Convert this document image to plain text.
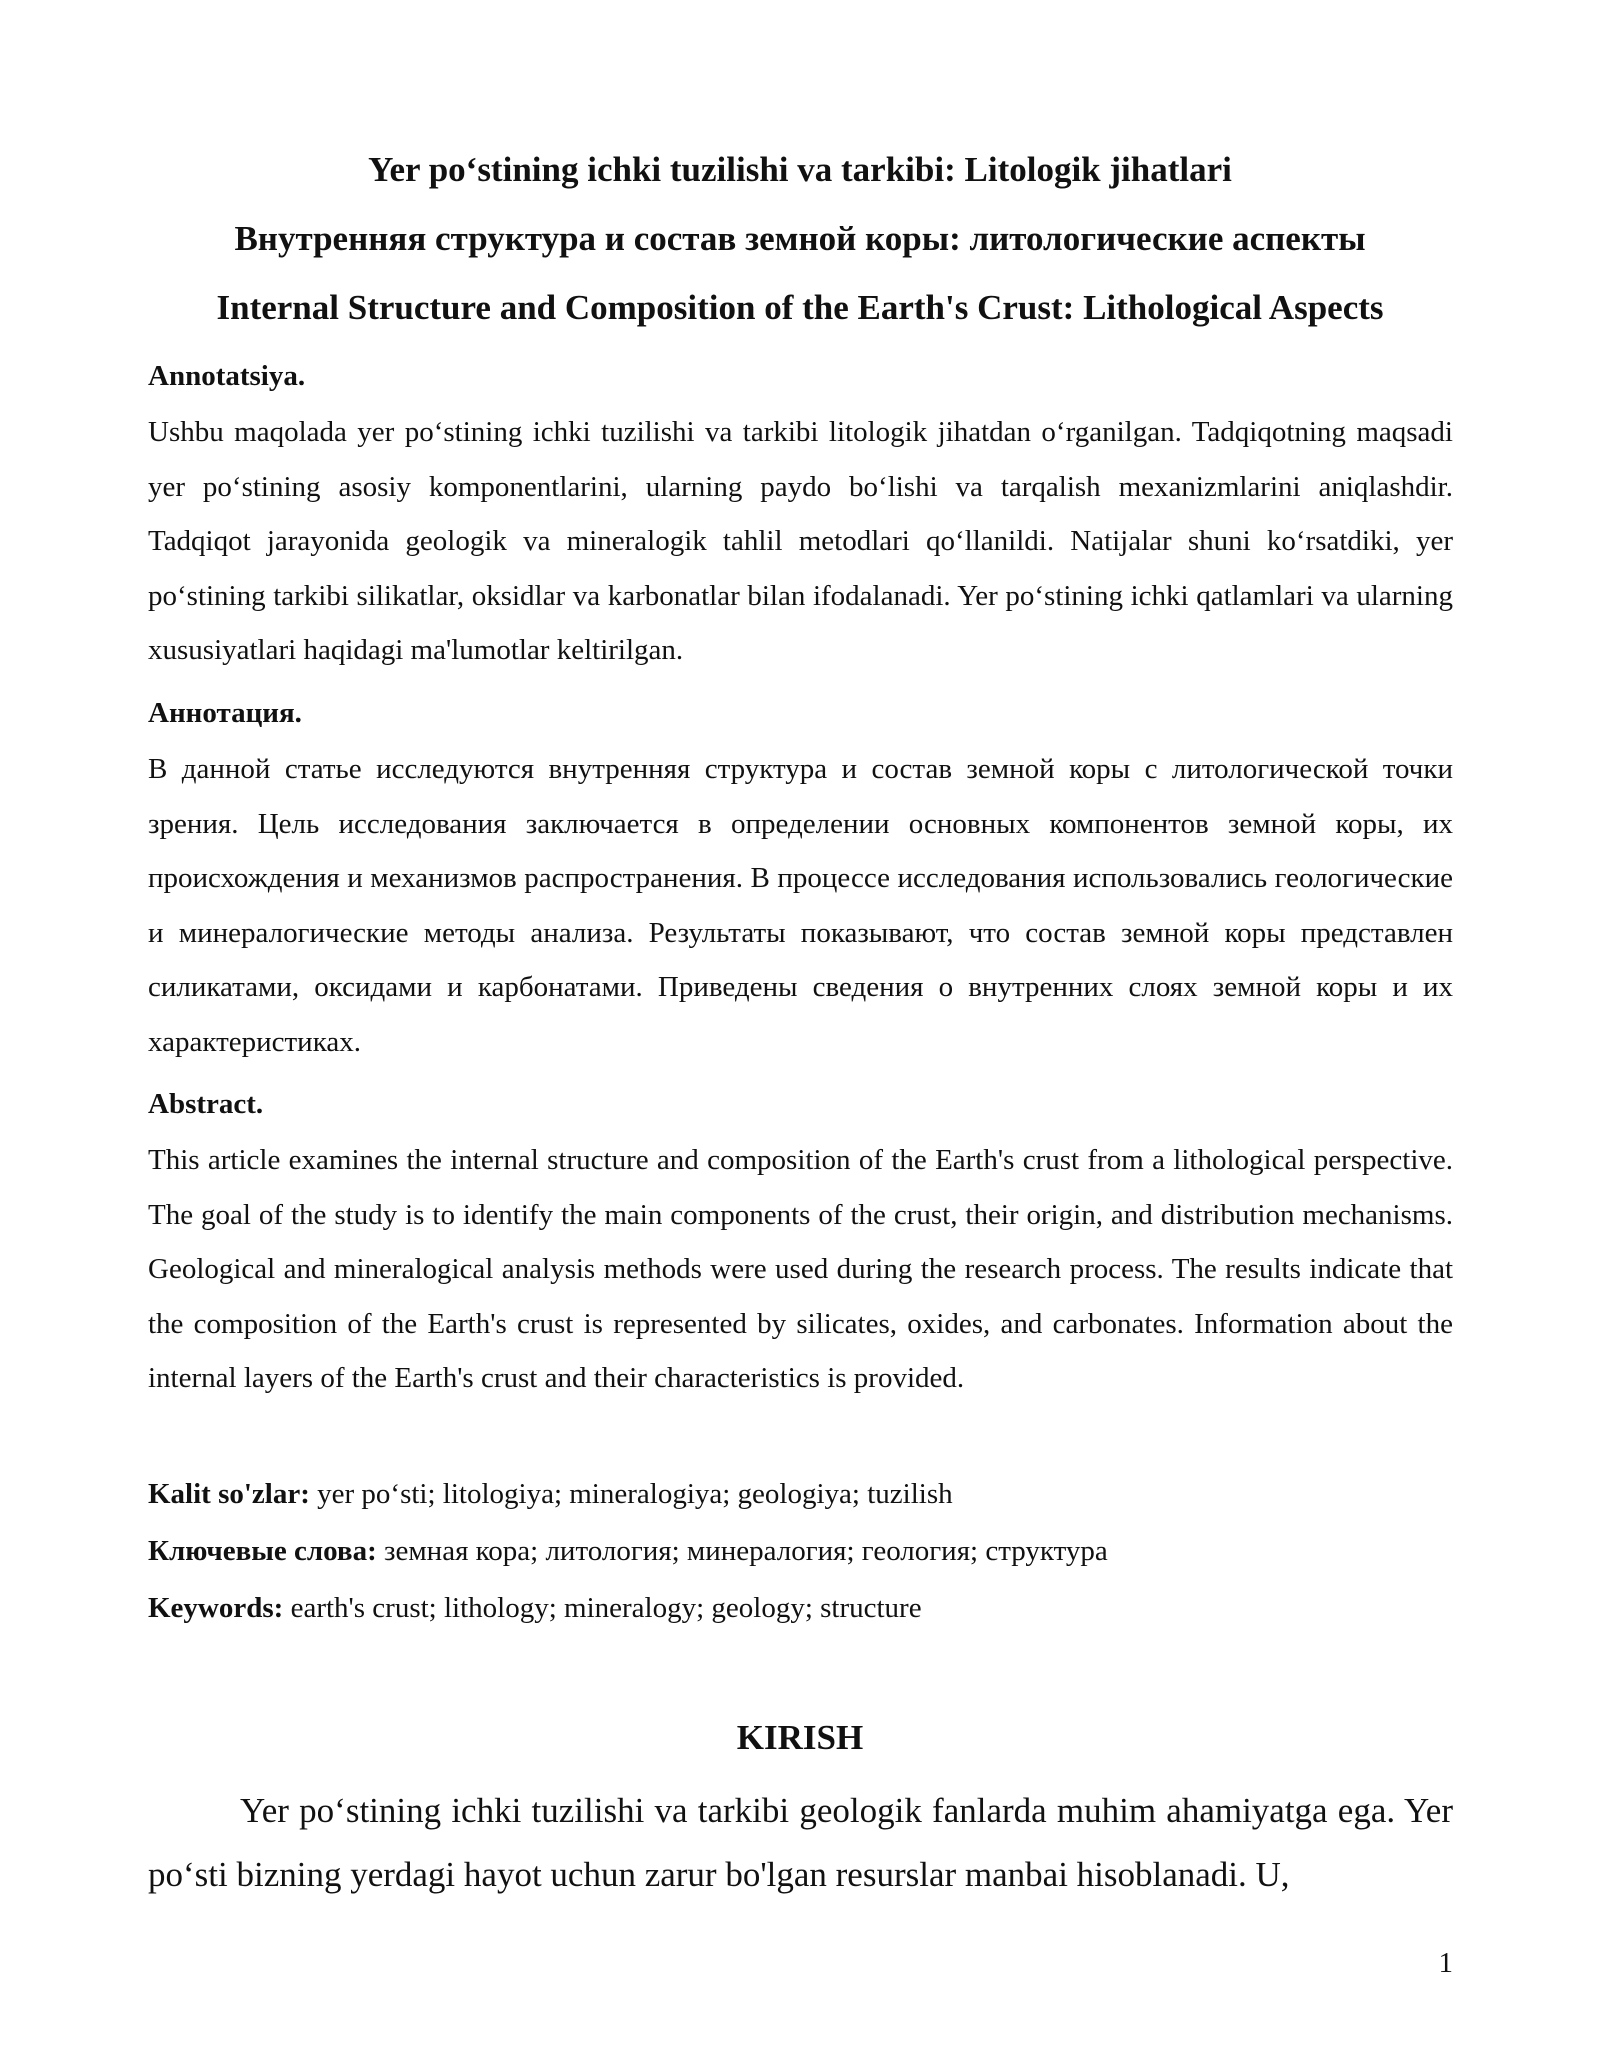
Yer po‘stining ichki tuzilishi va tarkibi: Litologik jihatlari
Внутренняя структура и состав земной коры: литологические аспекты
Internal Structure and Composition of the Earth's Crust: Lithological Aspects
Annotatsiya.
Ushbu maqolada yer po‘stining ichki tuzilishi va tarkibi litologik jihatdan o‘rganilgan. Tadqiqotning maqsadi yer po‘stining asosiy komponentlarini, ularning paydo bo‘lishi va tarqalish mexanizmlarini aniqlashdir. Tadqiqot jarayonida geologik va mineralogik tahlil metodlari qo‘llanildi. Natijalar shuni ko‘rsatdiki, yer po‘stining tarkibi silikatlar, oksidlar va karbonatlar bilan ifodalanadi. Yer po‘stining ichki qatlamlari va ularning xususiyatlari haqidagi ma'lumotlar keltirilgan.
Аннотация.
В данной статье исследуются внутренняя структура и состав земной коры с литологической точки зрения. Цель исследования заключается в определении основных компонентов земной коры, их происхождения и механизмов распространения. В процессе исследования использовались геологические и минералогические методы анализа. Результаты показывают, что состав земной коры представлен силикатами, оксидами и карбонатами. Приведены сведения о внутренних слоях земной коры и их характеристиках.
Abstract.
This article examines the internal structure and composition of the Earth's crust from a lithological perspective. The goal of the study is to identify the main components of the crust, their origin, and distribution mechanisms. Geological and mineralogical analysis methods were used during the research process. The results indicate that the composition of the Earth's crust is represented by silicates, oxides, and carbonates. Information about the internal layers of the Earth's crust and their characteristics is provided.
Kalit so'zlar: yer po‘sti; litologiya; mineralogiya; geologiya; tuzilish
Ключевые слова: земная кора; литология; минералогия; геология; структура
Keywords: earth's crust; lithology; mineralogy; geology; structure
KIRISH
Yer po‘stining ichki tuzilishi va tarkibi geologik fanlarda muhim ahamiyatga ega. Yer po‘sti bizning yerdagi hayot uchun zarur bo'lgan resurslar manbai hisoblanadi. U,
1
